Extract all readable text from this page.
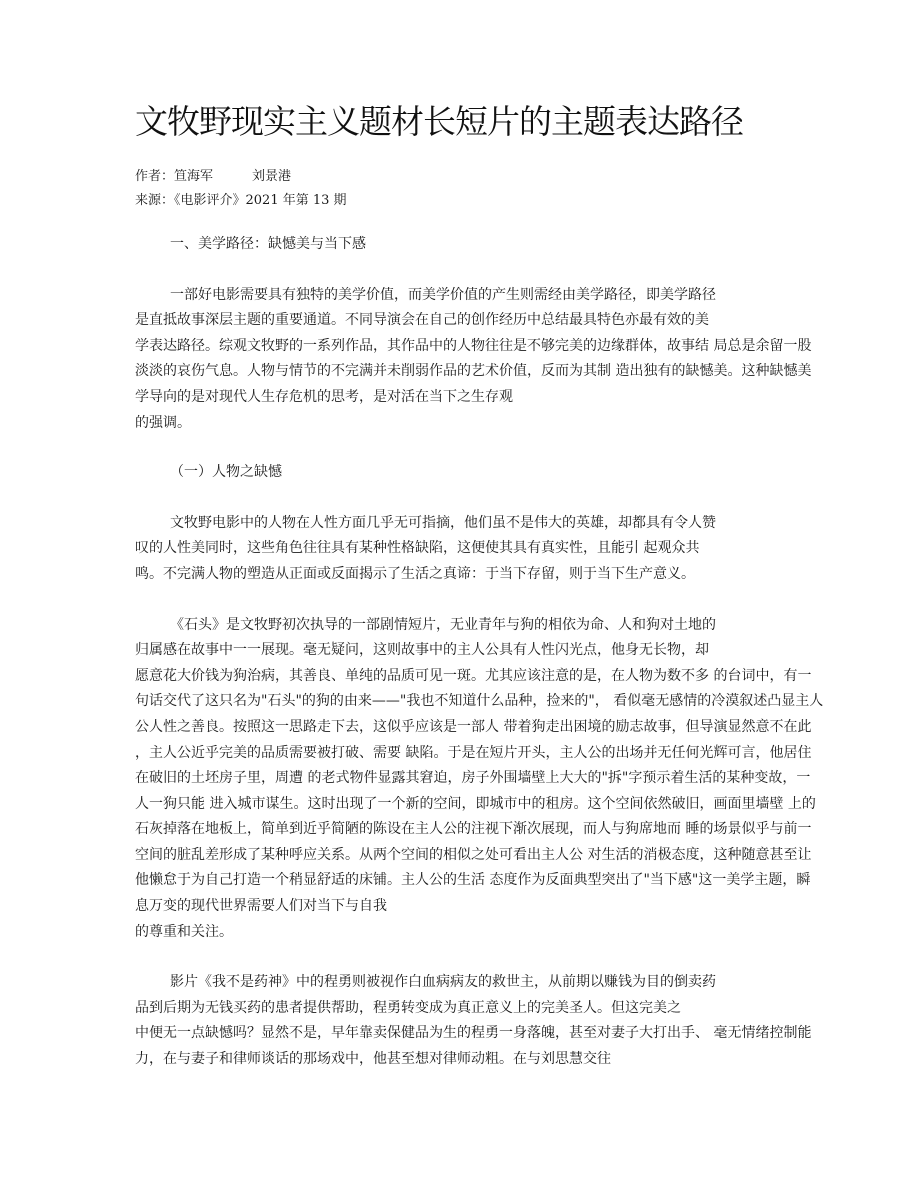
文牧野现实主义题材长短片的主题表达路径
作者：笪海军　　　刘景港
来源：《电影评介》2021 年第 13 期
一、美学路径：缺憾美与当下感
一部好电影需要具有独特的美学价值，而美学价值的产生则需经由美学路径，即美学路径
是直抵故事深层主题的重要通道。不同导演会在自己的创作经历中总结最具特色亦最有效的美
学表达路径。综观文牧野的一系列作品，其作品中的人物往往是不够完美的边缘群体，故事结 局总是余留一股
淡淡的哀伤气息。人物与情节的不完满并未削弱作品的艺术价值，反而为其制 造出独有的缺憾美。这种缺憾美
学导向的是对现代人生存危机的思考，是对活在当下之生存观
的强调。
（一）人物之缺憾
文牧野电影中的人物在人性方面几乎无可指摘，他们虽不是伟大的英雄，却都具有令人赞
叹的人性美同时，这些角色往往具有某种性格缺陷，这便使其具有真实性，且能引 起观众共
鸣。不完满人物的塑造从正面或反面揭示了生活之真谛：于当下存留，则于当下生产意义。
《石头》是文牧野初次执导的一部剧情短片，无业青年与狗的相依为命、人和狗对土地的
归属感在故事中一一展现。毫无疑问，这则故事中的主人公具有人性闪光点，他身无长物，却
愿意花大价钱为狗治病，其善良、单纯的品质可见一斑。尤其应该注意的是，在人物为数不多 的台词中，有一
句话交代了这只名为"石头"的狗的由来——"我也不知道什么品种，捡来的"， 看似毫无感情的冷漠叙述凸显主人
公人性之善良。按照这一思路走下去，这似乎应该是一部人 带着狗走出困境的励志故事，但导演显然意不在此
，主人公近乎完美的品质需要被打破、需要 缺陷。于是在短片开头，主人公的出场并无任何光辉可言，他居住
在破旧的土坯房子里，周遭 的老式物件显露其窘迫，房子外围墙壁上大大的"拆"字预示着生活的某种变故，一
人一狗只能 进入城市谋生。这时出现了一个新的空间，即城市中的租房。这个空间依然破旧，画面里墙壁 上的
石灰掉落在地板上，简单到近乎简陋的陈设在主人公的注视下渐次展现，而人与狗席地而 睡的场景似乎与前一
空间的脏乱差形成了某种呼应关系。从两个空间的相似之处可看出主人公 对生活的消极态度，这种随意甚至让
他懒怠于为自己打造一个稍显舒适的床铺。主人公的生活 态度作为反面典型突出了"当下感"这一美学主题，瞬
息万变的现代世界需要人们对当下与自我
的尊重和关注。
影片《我不是药神》中的程勇则被视作白血病病友的救世主，从前期以赚钱为目的倒卖药
品到后期为无钱买药的患者提供帮助，程勇转变成为真正意义上的完美圣人。但这完美之
中便无一点缺憾吗？显然不是，早年靠卖保健品为生的程勇一身落魄，甚至对妻子大打出手、 毫无情绪控制能
力，在与妻子和律师谈话的那场戏中，他甚至想对律师动粗。在与刘思慧交往
